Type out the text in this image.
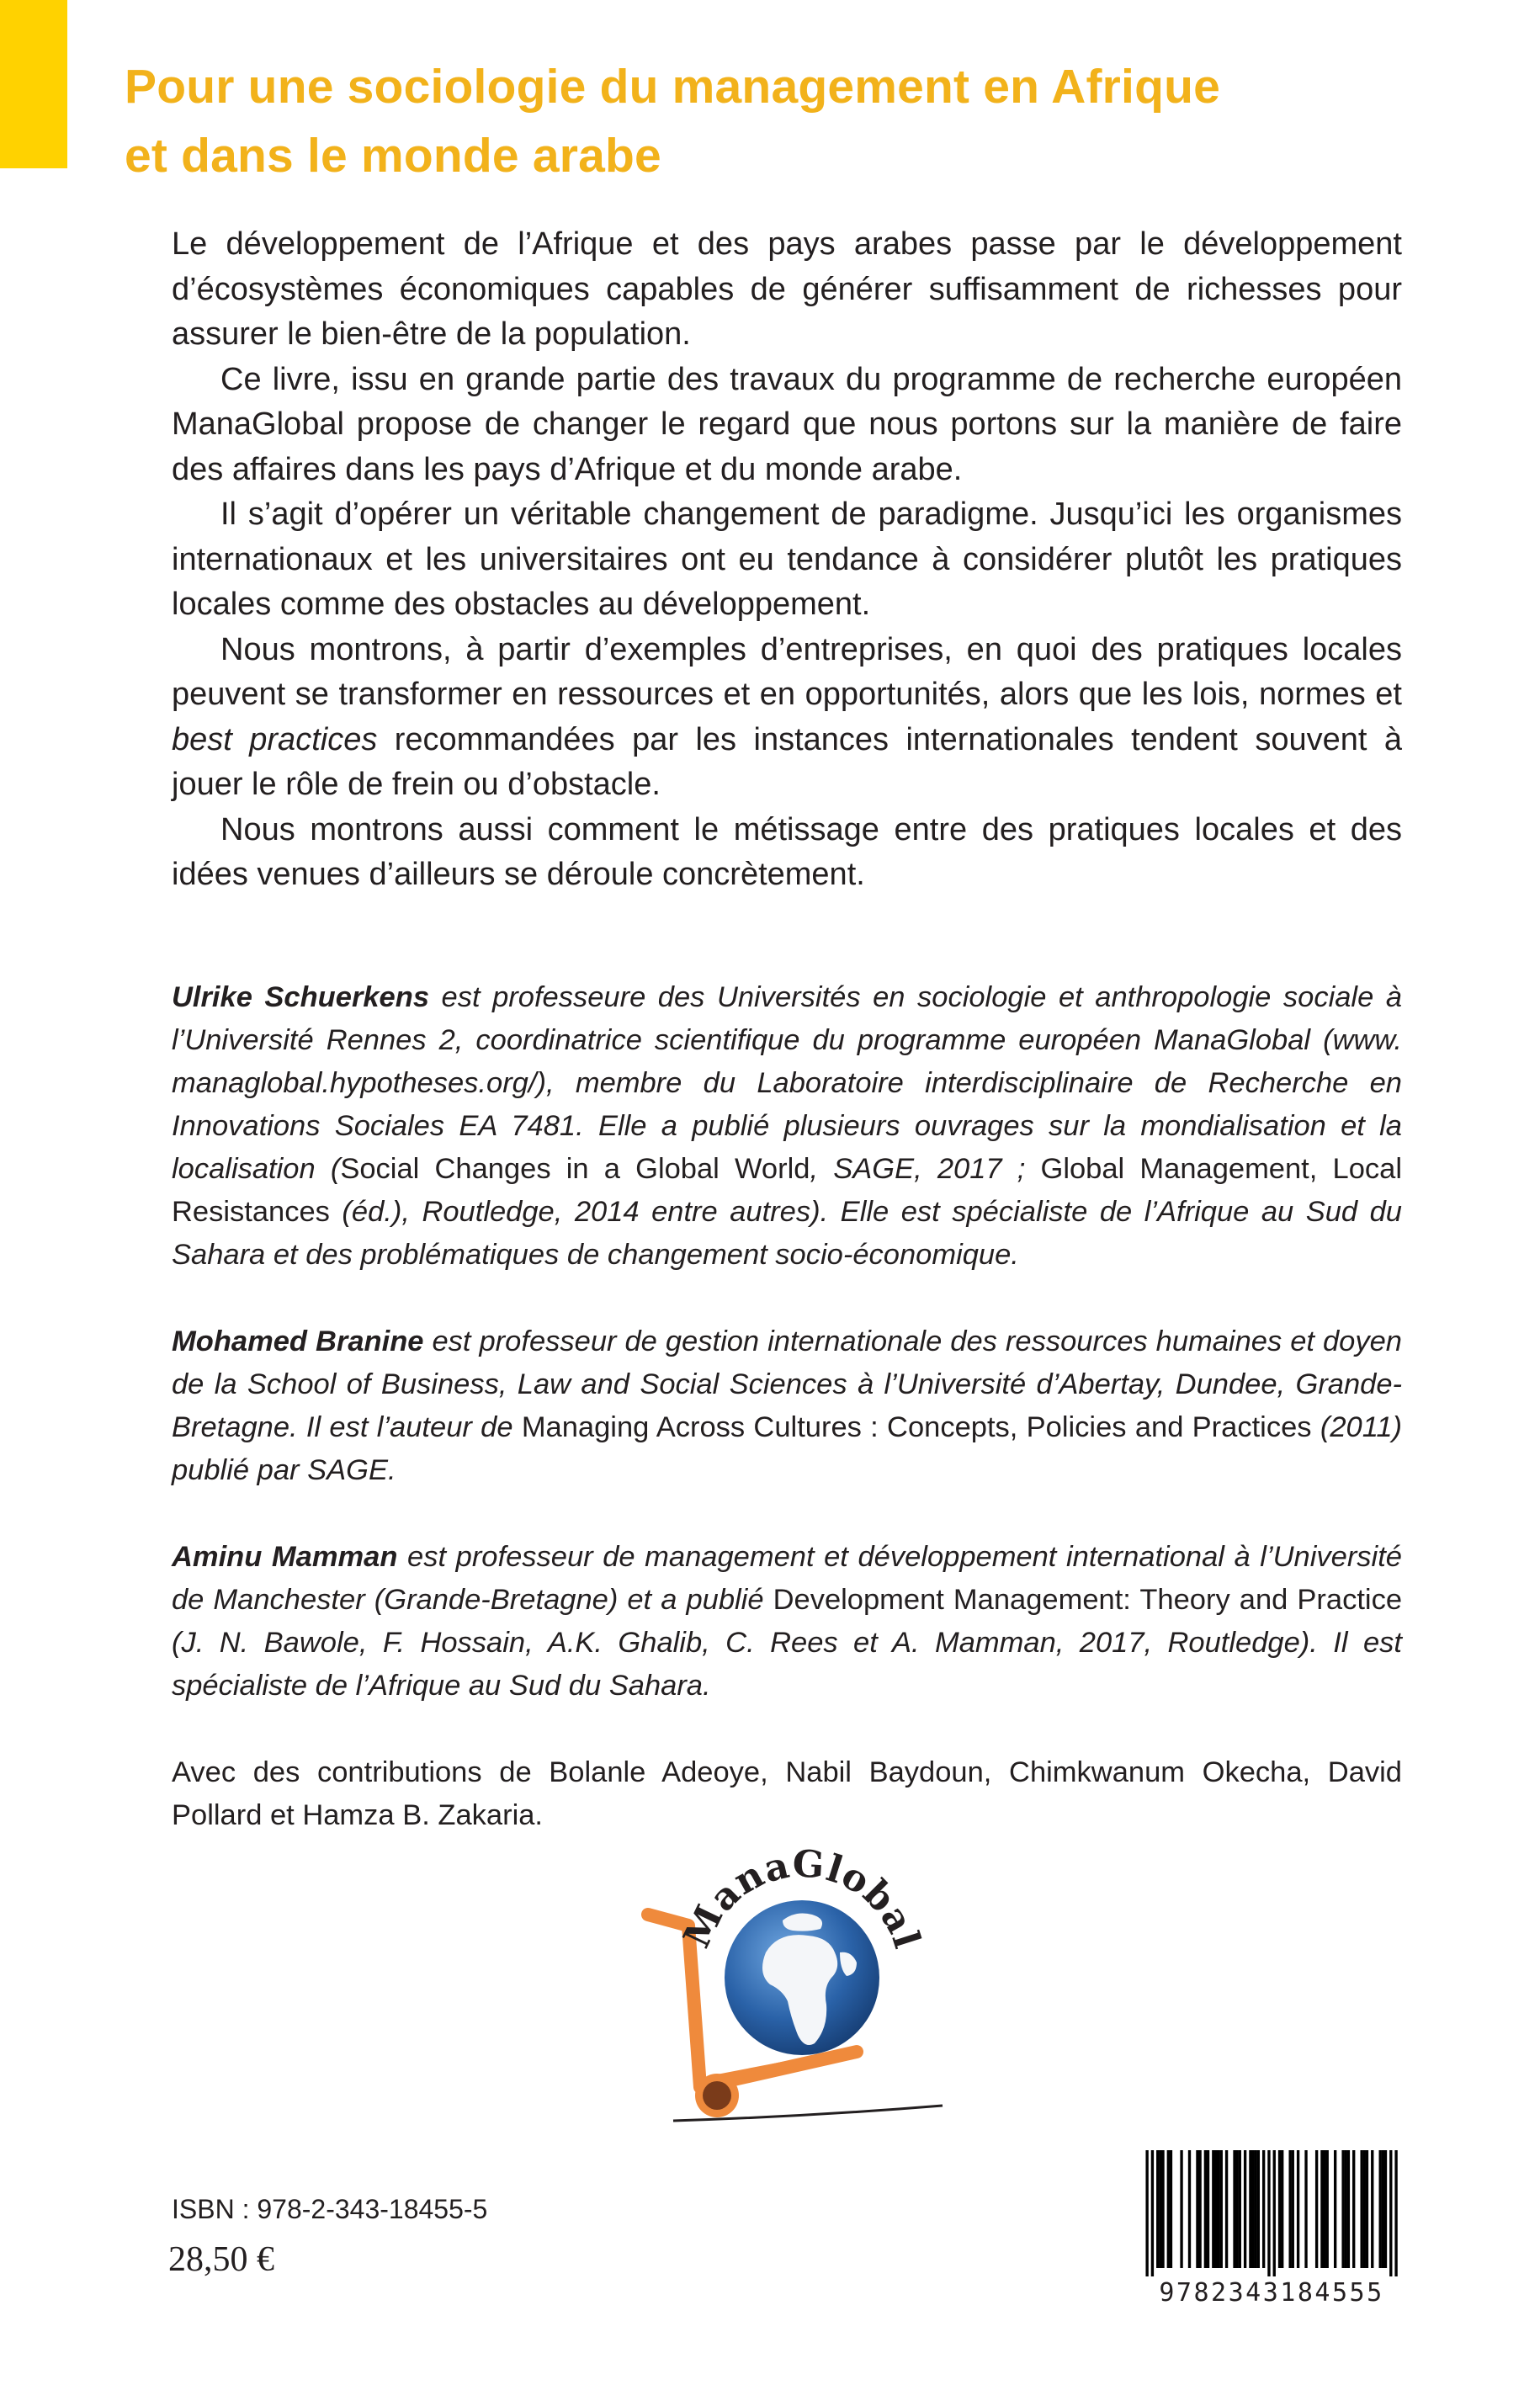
Pour une sociologie du management en Afrique
et dans le monde arabe

Le développement de l’Afrique et des pays arabes passe par le développement d’écosystèmes économiques capables de générer suffisamment de richesses pour assurer le bien-être de la population.

Ce livre, issu en grande partie des travaux du programme de recherche européen ManaGlobal propose de changer le regard que nous portons sur la manière de faire des affaires dans les pays d’Afrique et du monde arabe.

Il s’agit d’opérer un véritable changement de paradigme. Jusqu’ici les organismes internationaux et les universitaires ont eu tendance à considérer plutôt les pratiques locales comme des obstacles au développement.

Nous montrons, à partir d’exemples d’entreprises, en quoi des pratiques locales peuvent se transformer en ressources et en opportunités, alors que les lois, normes et best practices recommandées par les instances internationales tendent souvent à jouer le rôle de frein ou d’obstacle.

Nous montrons aussi comment le métissage entre des pratiques locales et des idées venues d’ailleurs se déroule concrètement.

Ulrike Schuerkens est professeure des Universités en sociologie et anthropologie sociale à l’Université Rennes 2, coordinatrice scientifique du programme européen ManaGlobal (www. managlobal.hypotheses.org/), membre du Laboratoire interdisciplinaire de Recherche en Innovations Sociales EA 7481. Elle a publié plusieurs ouvrages sur la mondialisation et la localisation (Social Changes in a Global World, SAGE, 2017 ; Global Management, Local Resistances (éd.), Routledge, 2014 entre autres). Elle est spécialiste de l’Afrique au Sud du Sahara et des problématiques de changement socio-économique.

Mohamed Branine est professeur de gestion internationale des ressources humaines et doyen de la School of Business, Law and Social Sciences à l’Université d’Abertay, Dundee, Grande-Bretagne. Il est l’auteur de Managing Across Cultures : Concepts, Policies and Practices (2011) publié par SAGE.

Aminu Mamman est professeur de management et développement international à l’Université de Manchester (Grande-Bretagne) et a publié Development Management: Theory and Practice (J. N. Bawole, F. Hossain, A.K. Ghalib, C. Rees et A. Mamman, 2017, Routledge). Il est spécialiste de l’Afrique au Sud du Sahara.

Avec des contributions de Bolanle Adeoye, Nabil Baydoun, Chimkwanum Okecha, David Pollard et Hamza B. Zakaria.

ManaGlobal
ISBN : 978-2-343-18455-5
28,50 €
9782343184555
